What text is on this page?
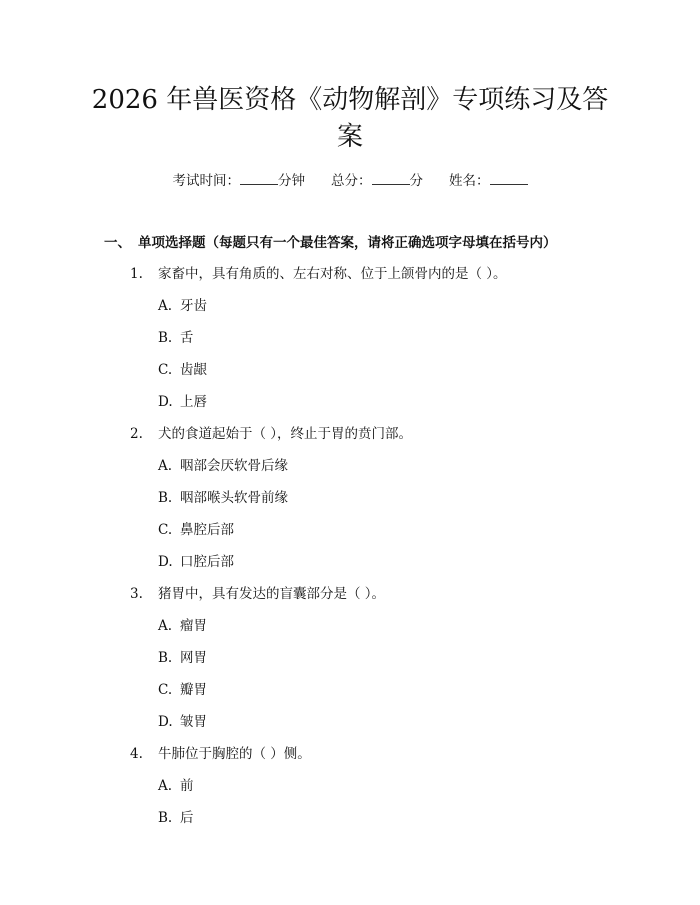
2026 年兽医资格《动物解剖》专项练习及答
案
考试时间：	分钟 总分：	分 姓名：
一、 单项选择题（每题只有一个最佳答案，请将正确选项字母填在括号内）
1. 家畜中，具有角质的、左右对称、位于上颌骨内的是（ ）。
A. 牙齿
B. 舌
C. 齿龈
D. 上唇
2. 犬的食道起始于（ ），终止于胃的贲门部。
A. 咽部会厌软骨后缘
B. 咽部喉头软骨前缘
C. 鼻腔后部
D. 口腔后部
3. 猪胃中，具有发达的盲囊部分是（ ）。
A. 瘤胃
B. 网胃
C. 瓣胃
D. 皱胃
4. 牛肺位于胸腔的（ ）侧。
A. 前
B. 后
